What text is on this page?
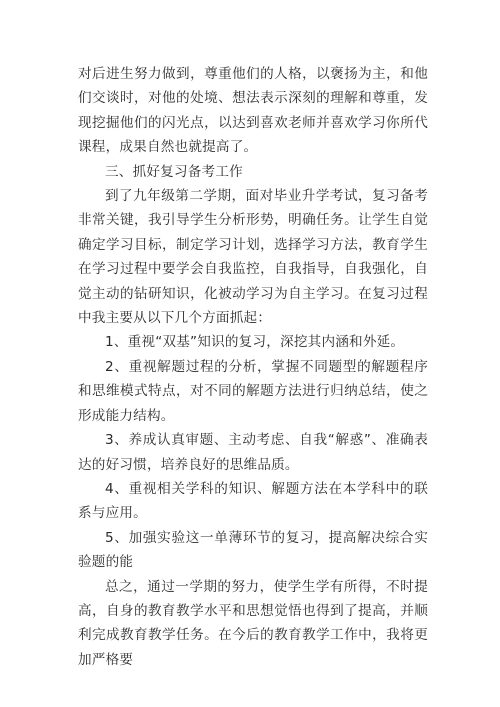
对后进生努力做到，尊重他们的人格，以褒扬为主，和他们交谈时，对他的处境、想法表示深刻的理解和尊重，发现挖掘他们的闪光点，以达到喜欢老师并喜欢学习你所代课程，成果自然也就提高了。

三、抓好复习备考工作

到了九年级第二学期，面对毕业升学考试，复习备考非常关键，我引导学生分析形势，明确任务。让学生自觉确定学习目标，制定学习计划，选择学习方法，教育学生在学习过程中要学会自我监控，自我指导，自我强化，自觉主动的钻研知识，化被动学习为自主学习。在复习过程中我主要从以下几个方面抓起：

1、重视“双基”知识的复习，深挖其内涵和外延。

2、重视解题过程的分析，掌握不同题型的解题程序和思维模式特点，对不同的解题方法进行归纳总结，使之形成能力结构。

3、养成认真审题、主动考虑、自我“解惑”、准确表达的好习惯，培养良好的思维品质。

4、重视相关学科的知识、解题方法在本学科中的联系与应用。

5、加强实验这一单薄环节的复习，提高解决综合实验题的能

总之，通过一学期的努力，使学生学有所得，不时提高，自身的教育教学水平和思想觉悟也得到了提高，并顺利完成教育教学任务。在今后的教育教学工作中，我将更加严格要
